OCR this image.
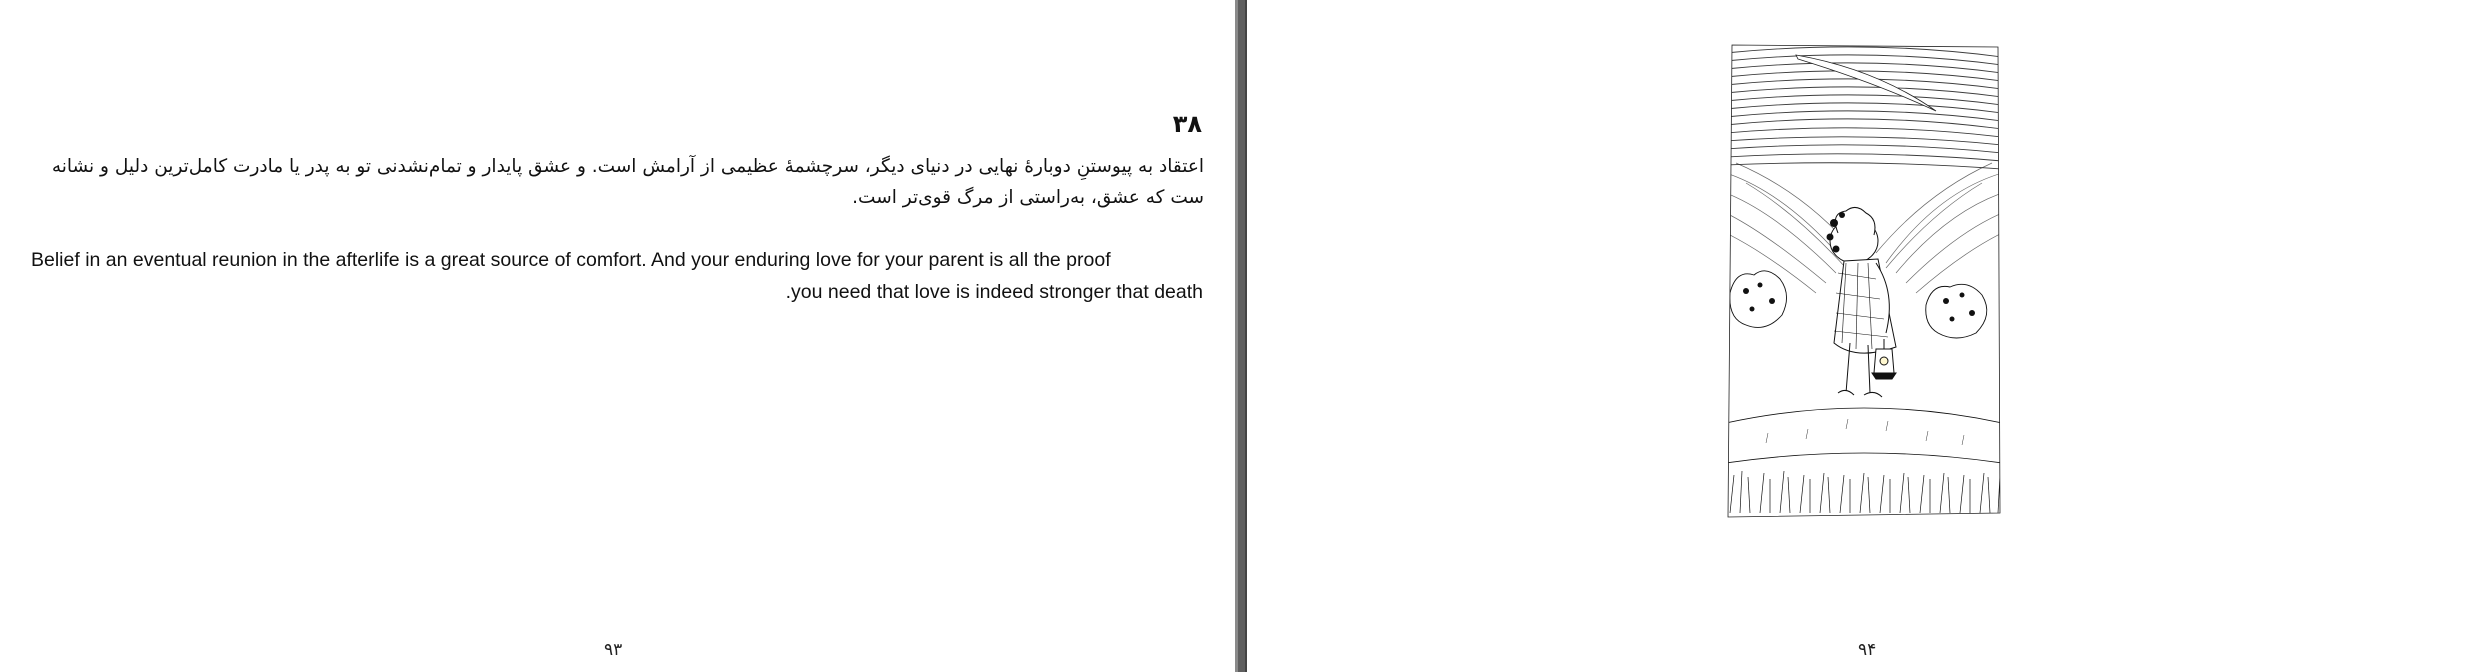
۳۸
اعتقاد به پیوستنِ دوبارهٔ نهایی در دنیای دیگر، سرچشمهٔ عظیمی از آرامش است. و عشق پایدار و تمام‌نشدنی تو به پدر یا مادرت کامل‌ترین دلیل و نشانه
ست که عشق، به‌راستی از مرگ قوی‌تر است.
Belief in an eventual reunion in the afterlife is a great source of comfort. And your enduring love for your parent is all the proof
.you need that love is indeed stronger that death
۹۳	۹۴
